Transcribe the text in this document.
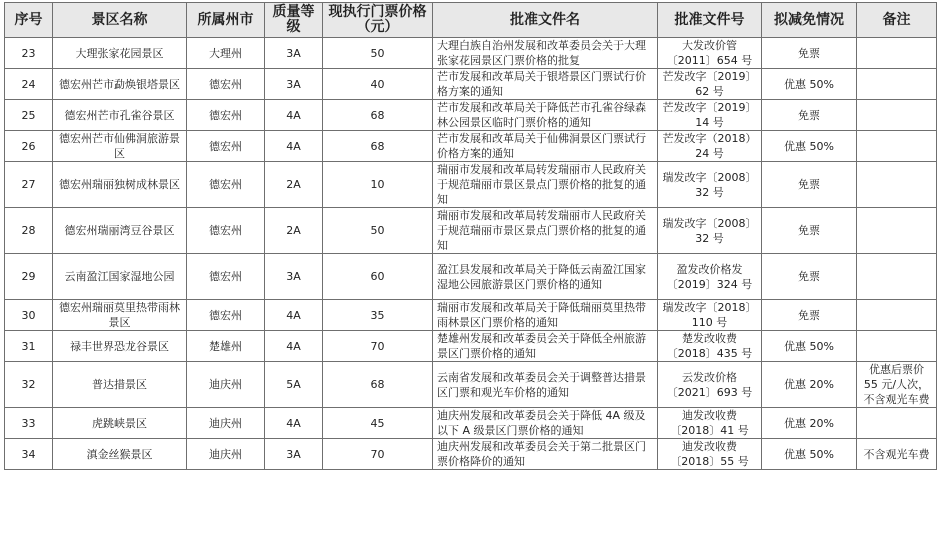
序号	景区名称	所属州市	质量等级	现执行门票价格（元）	批准文件名	批准文件号	拟减免情况	备注
23	大理张家花园景区	大理州	3A	50	大理白族自治州发展和改革委员会关于大理张家花园景区门票价格的批复	大发改价管〔2011〕654 号	免票	
24	德宏州芒市勐焕银塔景区	德宏州	3A	40	芒市发展和改革局关于银塔景区门票试行价格方案的通知	芒发改字〔2019〕62 号	优惠 50%	
25	德宏州芒市孔雀谷景区	德宏州	4A	68	芒市发展和改革局关于降低芒市孔雀谷绿森林公园景区临时门票价格的通知	芒发改字〔2019〕14 号	免票	
26	德宏州芒市仙佛洞旅游景区	德宏州	4A	68	芒市发展和改革局关于仙佛洞景区门票试行价格方案的通知	芒发改字（2018）24 号	优惠 50%	
27	德宏州瑞丽独树成林景区	德宏州	2A	10	瑞丽市发展和改革局转发瑞丽市人民政府关于规范瑞丽市景区景点门票价格的批复的通知	瑞发改字〔2008〕32 号	免票	
28	德宏州瑞丽湾豆谷景区	德宏州	2A	50	瑞丽市发展和改革局转发瑞丽市人民政府关于规范瑞丽市景区景点门票价格的批复的通知	瑞发改字〔2008〕32 号	免票	
29	云南盈江国家湿地公园	德宏州	3A	60	盈江县发展和改革局关于降低云南盈江国家湿地公园旅游景区门票价格的通知	盈发改价格发〔2019〕324 号	免票	
30	德宏州瑞丽莫里热带雨林景区	德宏州	4A	35	瑞丽市发展和改革局关于降低瑞丽莫里热带雨林景区门票价格的通知	瑞发改字〔2018〕110 号	免票	
31	禄丰世界恐龙谷景区	楚雄州	4A	70	楚雄州发展和改革委员会关于降低全州旅游景区门票价格的通知	楚发改收费〔2018〕435 号	优惠 50%	
32	普达措景区	迪庆州	5A	68	云南省发展和改革委员会关于调整普达措景区门票和观光车价格的通知	云发改价格〔2021〕693 号	优惠 20%	优惠后票价 55 元/人次，不含观光车费
33	虎跳峡景区	迪庆州	4A	45	迪庆州发展和改革委员会关于降低 4A 级及以下 A 级景区门票价格的通知	迪发改收费〔2018〕41 号	优惠 20%	
34	滇金丝猴景区	迪庆州	3A	70	迪庆州发展和改革委员会关于第二批景区门票价格降价的通知	迪发改收费〔2018〕55 号	优惠 50%	不含观光车费
